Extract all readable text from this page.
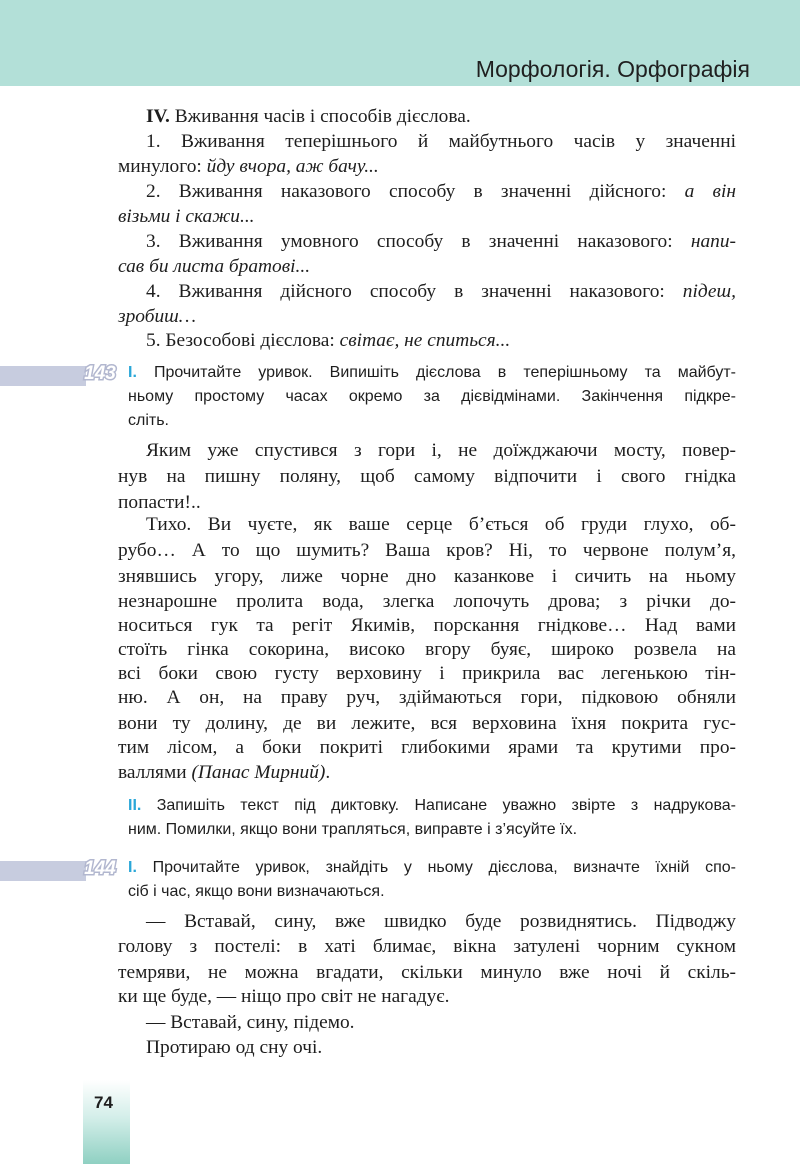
Морфологія. Орфографія
IV. Вживання часів і способів дієслова.
1. Вживання теперішнього й майбутнього часів у значенні
минулого: йду вчора, аж бачу...
2. Вживання наказового способу в значенні дійсного: а він
візьми і скажи...
3. Вживання умовного способу в значенні наказового: напи-
сав би листа братові...
4. Вживання дійсного способу в значенні наказового: підеш,
зробиш…
5. Безособові дієслова: світає, не спиться...
143 I. Прочитайте уривок. Випишіть дієслова в теперішньому та майбут-
ньому простому часах окремо за дієвідмінами. Закінчення підкре-
сліть.
Яким уже спустився з гори і, не доїжджаючи мосту, повер-
нув на пишну поляну, щоб самому відпочити і свого гнідка
попасти!..
Тихо. Ви чуєте, як ваше серце б’ється об груди глухо, об-
рубо… А то що шумить? Ваша кров? Ні, то червоне полум’я,
знявшись угору, лиже чорне дно казанкове і сичить на ньому
незнарошне пролита вода, злегка лопочуть дрова; з річки до-
носиться гук та регіт Якимів, порскання гнідкове… Над вами
стоїть гінка сокорина, високо вгору буяє, широко розвела на
всі боки свою густу верховину і прикрила вас легенькою тін-
ню. А он, на праву руч, здіймаються гори, підковою обняли
вони ту долину, де ви лежите, вся верховина їхня покрита гус-
тим лісом, а боки покриті глибокими ярами та крутими про-
валлями (Панас Мирний).
II. Запишіть текст під диктовку. Написане уважно звірте з надрукова-
ним. Помилки, якщо вони трапляться, виправте і з’ясуйте їх.
144 I. Прочитайте уривок, знайдіть у ньому дієслова, визначте їхній спо-
сіб і час, якщо вони визначаються.
— Вставай, сину, вже швидко буде розвиднятись. Підводжу
голову з постелі: в хаті блимає, вікна затулені чорним сукном
темряви, не можна вгадати, скільки минуло вже ночі й скіль-
ки ще буде, — ніщо про світ не нагадує.
— Вставай, сину, підемо.
Протираю од сну очі.
74
